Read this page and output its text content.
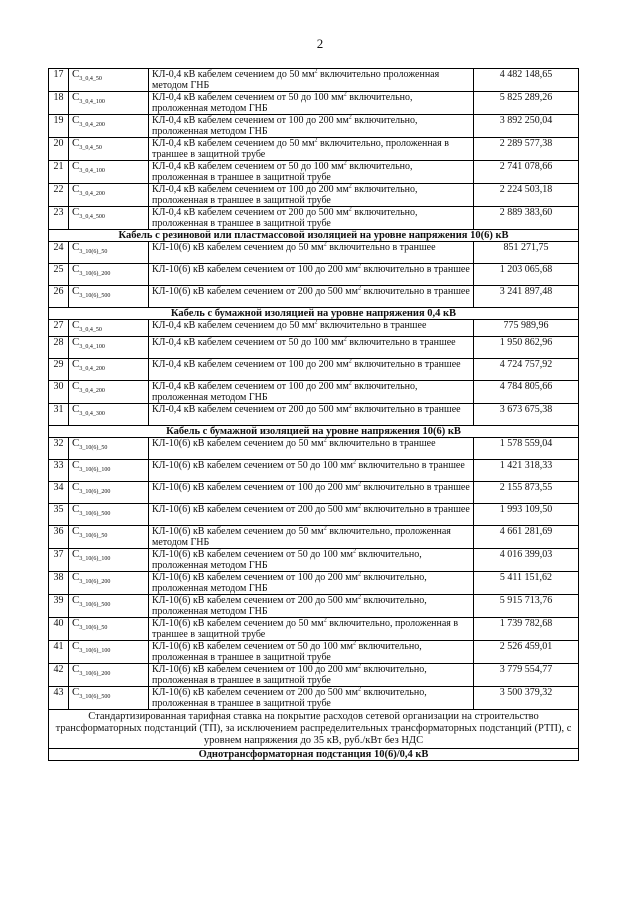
2
17	$C_{3\_0,4\_50}$	КЛ-0,4 кВ кабелем сечением до 50 $мм^2$ включительно проложенная методом ГНБ	4 482 148,65
18	$C_{3\_0,4\_100}$	КЛ-0,4 кВ кабелем сечением от 50 до 100 $мм^2$ включительно, проложенная методом ГНБ	5 825 289,26
19	$C_{3\_0,4\_200}$	КЛ-0,4 кВ кабелем сечением от 100 до 200 $мм^2$ включительно, проложенная методом ГНБ	3 892 250,04
20	$C_{3\_0,4\_50}$	КЛ-0,4 кВ кабелем сечением до 50 $мм^2$ включительно, проложенная в траншее в защитной трубе	2 289 577,38
21	$C_{3\_0,4\_100}$	КЛ-0,4 кВ кабелем сечением от 50 до 100 $мм^2$ включительно, проложенная в траншее в защитной трубе	2 741 078,66
22	$C_{3\_0,4\_200}$	КЛ-0,4 кВ кабелем сечением от 100 до 200 $мм^2$ включительно, проложенная в траншее в защитной трубе	2 224 503,18
23	$C_{3\_0,4\_500}$	КЛ-0,4 кВ кабелем сечением от 200 до 500 $мм^2$ включительно, проложенная в траншее в защитной трубе	2 889 383,60
Кабель с резиновой или пластмассовой изоляцией на уровне напряжения 10(6) кВ			
24	$C_{3\_10(6)\_50}$	КЛ-10(6) кВ кабелем сечением до 50 $мм^2$ включительно в траншее	851 271,75
25	$C_{3\_10(6)\_200}$	КЛ-10(6) кВ кабелем сечением от 100 до 200 $мм^2$ включительно в траншее	1 203 065,68
26	$C_{3\_10(6)\_500}$	КЛ-10(6) кВ кабелем сечением от 200 до 500 $мм^2$ включительно в траншее	3 241 897,48
Кабель с бумажной изоляцией на уровне напряжения 0,4 кВ			
27	$C_{3\_0,4\_50}$	КЛ-0,4 кВ кабелем сечением до 50 $мм^2$ включительно в траншее	775 989,96
28	$C_{3\_0,4\_100}$	КЛ-0,4 кВ кабелем сечением от 50 до 100 $мм^2$ включительно в траншее	1 950 862,96
29	$C_{3\_0,4\_200}$	КЛ-0,4 кВ кабелем сечением от 100 до 200 $мм^2$ включительно в траншее	4 724 757,92
30	$C_{3\_0,4\_200}$	КЛ-0,4 кВ кабелем сечением от 100 до 200 $мм^2$ включительно, проложенная методом ГНБ	4 784 805,66
31	$C_{3\_0,4\_300}$	КЛ-0,4 кВ кабелем сечением от 200 до 500 $мм^2$ включительно в траншее	3 673 675,38
Кабель с бумажной изоляцией на уровне напряжения 10(6) кВ			
32	$C_{3\_10(6)\_50}$	КЛ-10(6) кВ кабелем сечением до 50 $мм^2$ включительно в траншее	1 578 559,04
33	$C_{3\_10(6)\_100}$	КЛ-10(6) кВ кабелем сечением от 50 до 100 $мм^2$ включительно в траншее	1 421 318,33
34	$C_{3\_10(6)\_200}$	КЛ-10(6) кВ кабелем сечением от 100 до 200 $мм^2$ включительно в траншее	2 155 873,55
35	$C_{3\_10(6)\_500}$	КЛ-10(6) кВ кабелем сечением от 200 до 500 $мм^2$ включительно в траншее	1 993 109,50
36	$C_{3\_10(6)\_50}$	КЛ-10(6) кВ кабелем сечением до 50 $мм^2$ включительно, проложенная методом ГНБ	4 661 281,69
37	$C_{3\_10(6)\_100}$	КЛ-10(6) кВ кабелем сечением от 50 до 100 $мм^2$ включительно, проложенная методом ГНБ	4 016 399,03
38	$C_{3\_10(6)\_200}$	КЛ-10(6) кВ кабелем сечением от 100 до 200 $мм^2$ включительно, проложенная методом ГНБ	5 411 151,62
39	$C_{3\_10(6)\_500}$	КЛ-10(6) кВ кабелем сечением от 200 до 500 $мм^2$ включительно, проложенная методом ГНБ	5 915 713,76
40	$C_{3\_10(6)\_50}$	КЛ-10(6) кВ кабелем сечением до 50 $мм^2$ включительно, проложенная в траншее в защитной трубе	1 739 782,68
41	$C_{3\_10(6)\_100}$	КЛ-10(6) кВ кабелем сечением от 50 до 100 $мм^2$ включительно, проложенная в траншее в защитной трубе	2 526 459,01
42	$C_{3\_10(6)\_200}$	КЛ-10(6) кВ кабелем сечением от 100 до 200 $мм^2$ включительно, проложенная в траншее в защитной трубе	3 779 554,77
43	$C_{3\_10(6)\_500}$	КЛ-10(6) кВ кабелем сечением от 200 до 500 $мм^2$ включительно, проложенная в траншее в защитной трубе	3 500 379,32
Стандартизированная тарифная ставка на покрытие расходов сетевой организации на строительство трансформаторных подстанций (ТП), за исключением распределительных трансформаторных подстанций (РТП), с уровнем напряжения до 35 кВ, руб./кВт без НДС			
Однотрансформаторная подстанция 10(6)/0,4 кВ			
